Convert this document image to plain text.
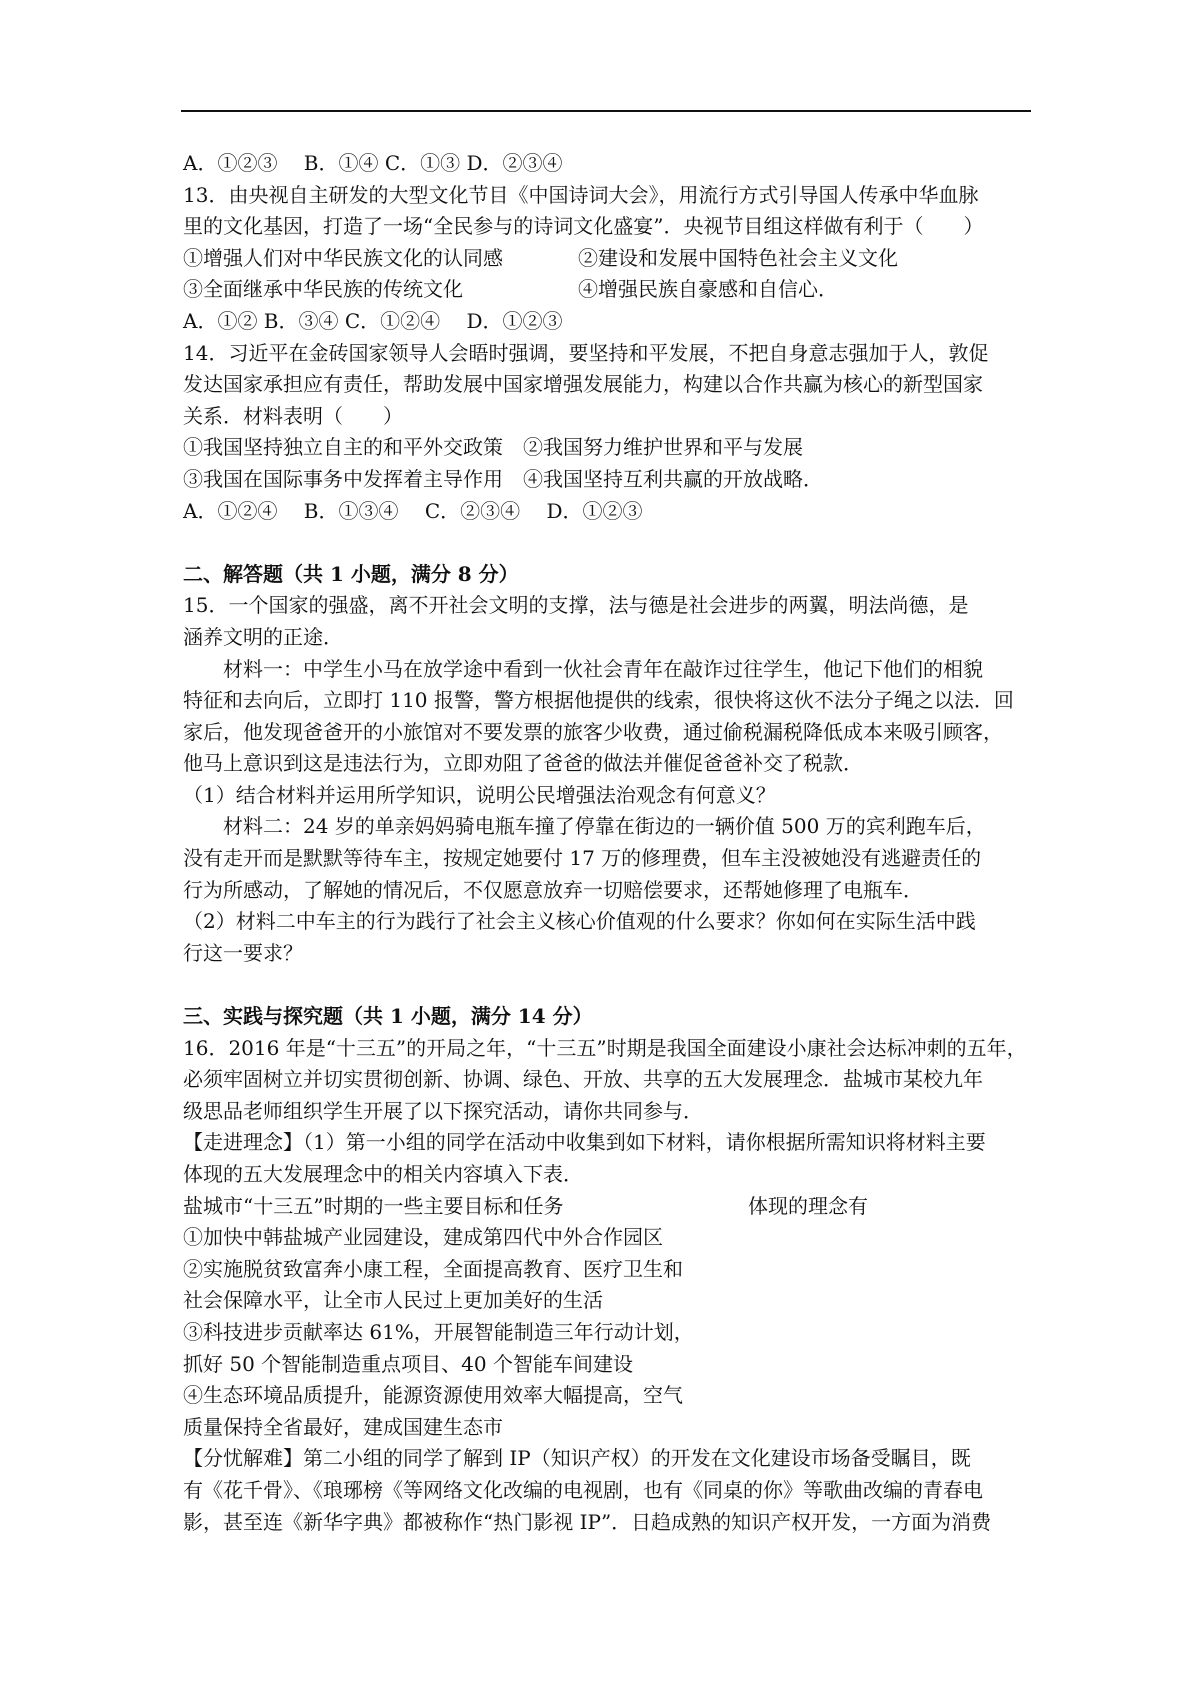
A．①②③　 B．①④ C．①③ D．②③④
13．由央视自主研发的大型文化节目《中国诗词大会》，用流行方式引导国人传承中华血脉
里的文化基因，打造了一场“全民参与的诗词文化盛宴”．央视节目组这样做有利于（　　）
①增强人们对中华民族文化的认同感	②建设和发展中国特色社会主义文化
③全面继承中华民族的传统文化	④增强民族自豪感和自信心．
A．①② B．③④ C．①②④　 D．①②③
14．习近平在金砖国家领导人会晤时强调，要坚持和平发展，不把自身意志强加于人，敦促
发达国家承担应有责任，帮助发展中国家增强发展能力，构建以合作共赢为核心的新型国家
关系．材料表明（　　）
①我国坚持独立自主的和平外交政策　②我国努力维护世界和平与发展
③我国在国际事务中发挥着主导作用　④我国坚持互利共赢的开放战略．
A．①②④　 B．①③④　 C．②③④　 D．①②③
二、解答题（共 1 小题，满分 8 分）
15．一个国家的强盛，离不开社会文明的支撑，法与德是社会进步的两翼，明法尚德，是
涵养文明的正途．
材料一：中学生小马在放学途中看到一伙社会青年在敲诈过往学生，他记下他们的相貌
特征和去向后，立即打 110 报警，警方根据他提供的线索，很快将这伙不法分子绳之以法．回
家后，他发现爸爸开的小旅馆对不要发票的旅客少收费，通过偷税漏税降低成本来吸引顾客，
他马上意识到这是违法行为，立即劝阻了爸爸的做法并催促爸爸补交了税款．
（1）结合材料并运用所学知识，说明公民增强法治观念有何意义？
材料二：24 岁的单亲妈妈骑电瓶车撞了停靠在街边的一辆价值 500 万的宾利跑车后，
没有走开而是默默等待车主，按规定她要付 17 万的修理费，但车主没被她没有逃避责任的
行为所感动，了解她的情况后，不仅愿意放弃一切赔偿要求，还帮她修理了电瓶车．
（2）材料二中车主的行为践行了社会主义核心价值观的什么要求？你如何在实际生活中践
行这一要求？
三、实践与探究题（共 1 小题，满分 14 分）
16．2016 年是“十三五”的开局之年，“十三五”时期是我国全面建设小康社会达标冲刺的五年，
必须牢固树立并切实贯彻创新、协调、绿色、开放、共享的五大发展理念．盐城市某校九年
级思品老师组织学生开展了以下探究活动，请你共同参与．
【走进理念】（1）第一小组的同学在活动中收集到如下材料，请你根据所需知识将材料主要
体现的五大发展理念中的相关内容填入下表．
盐城市“十三五”时期的一些主要目标和任务	体现的理念有
①加快中韩盐城产业园建设，建成第四代中外合作园区
②实施脱贫致富奔小康工程，全面提高教育、医疗卫生和
社会保障水平，让全市人民过上更加美好的生活
③科技进步贡献率达 61%，开展智能制造三年行动计划，
抓好 50 个智能制造重点项目、40 个智能车间建设
④生态环境品质提升，能源资源使用效率大幅提高，空气
质量保持全省最好，建成国建生态市
【分忧解难】第二小组的同学了解到 IP（知识产权）的开发在文化建设市场备受瞩目，既
有《花千骨》、《琅琊榜《等网络文化改编的电视剧，也有《同桌的你》等歌曲改编的青春电
影，甚至连《新华字典》都被称作“热门影视 IP”．日趋成熟的知识产权开发，一方面为消费
